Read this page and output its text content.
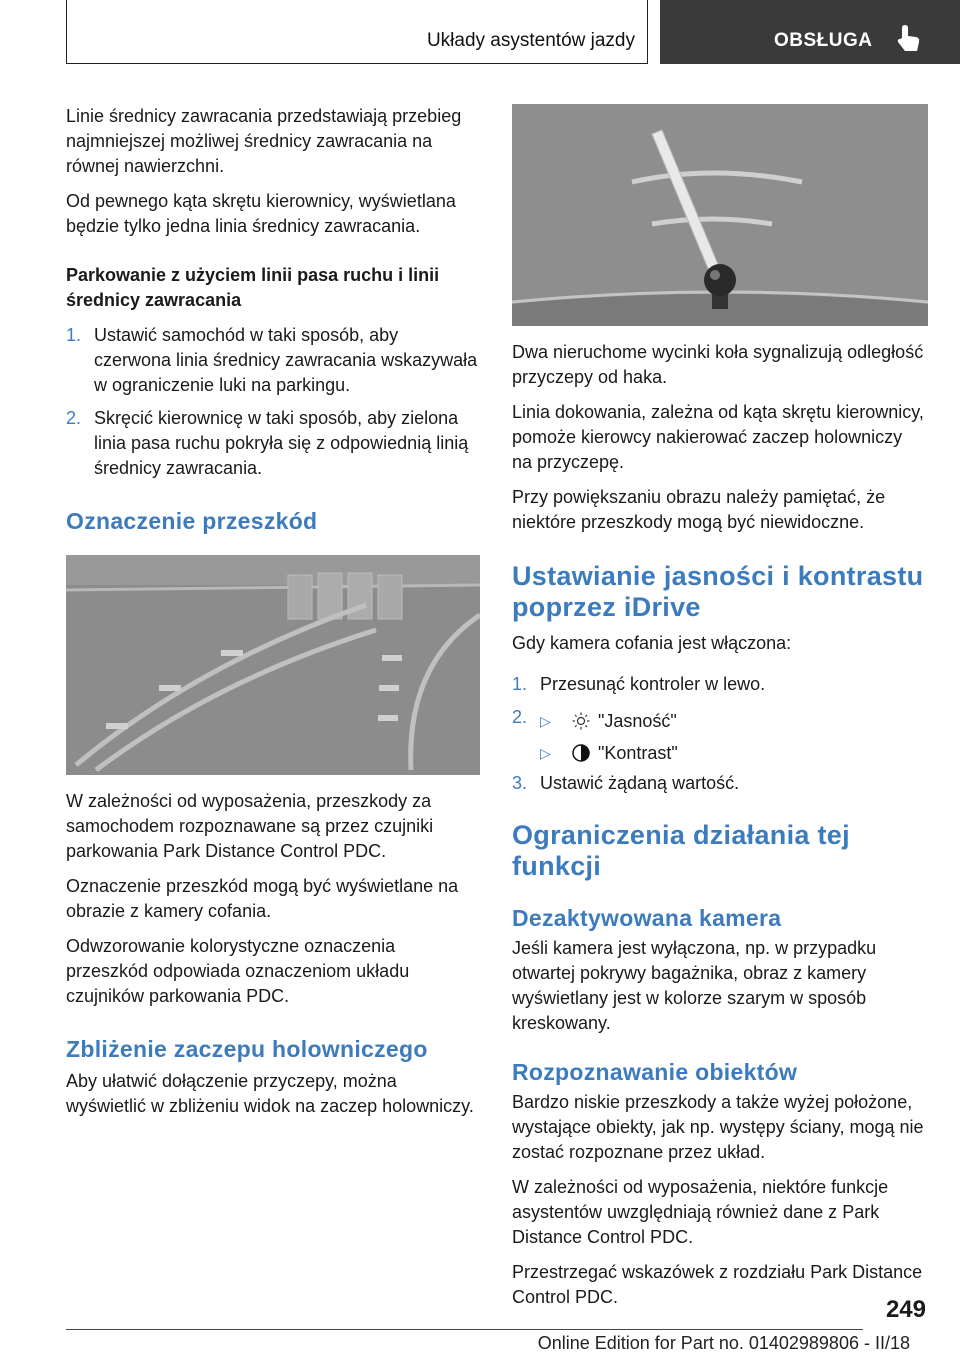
Układy asystentów jazdy	OBSŁUGA

Linie średnicy zawracania przedstawiają przebieg najmniejszej możliwej średnicy zawracania na równej nawierzchni.

Od pewnego kąta skrętu kierownicy, wyświetlana będzie tylko jedna linia średnicy zawracania.

Parkowanie z użyciem linii pasa ruchu i linii średnicy zawracania
1. Ustawić samochód w taki sposób, aby czerwona linia średnicy zawracania wskazywała w ograniczenie luki na parkingu.
2. Skręcić kierownicę w taki sposób, aby zielona linia pasa ruchu pokryła się z odpowiednią linią średnicy zawracania.
Oznaczenie przeszkód

W zależności od wyposażenia, przeszkody za samochodem rozpoznawane są przez czujniki parkowania Park Distance Control PDC.

Oznaczenie przeszkód mogą być wyświetlane na obrazie z kamery cofania.

Odwzorowanie kolorystyczne oznaczenia przeszkód odpowiada oznaczeniom układu czujników parkowania PDC.

Zbliżenie zaczepu holowniczego

Aby ułatwić dołączenie przyczepy, można wyświetlić w zbliżeniu widok na zaczep holowniczy.

Dwa nieruchome wycinki koła sygnalizują odległość przyczepy od haka.

Linia dokowania, zależna od kąta skrętu kierownicy, pomoże kierowcy nakierować zaczep holowniczy na przyczepę.

Przy powiększaniu obrazu należy pamiętać, że niektóre przeszkody mogą być niewidoczne.

Ustawianie jasności i kontrastu poprzez iDrive

Gdy kamera cofania jest włączona:

1. Przesunąć kontroler w lewo.
2. ▷	"Jasność"
▷	"Kontrast"
3. Ustawić żądaną wartość.
Ograniczenia działania tej funkcji
Dezaktywowana kamera

Jeśli kamera jest wyłączona, np. w przypadku otwartej pokrywy bagażnika, obraz z kamery wyświetlany jest w kolorze szarym w sposób kreskowany.

Rozpoznawanie obiektów

Bardzo niskie przeszkody a także wyżej położone, wystające obiekty, jak np. występy ściany, mogą nie zostać rozpoznane przez układ.

W zależności od wyposażenia, niektóre funkcje asystentów uwzględniają również dane z Park Distance Control PDC.

Przestrzegać wskazówek z rozdziału Park Distance Control PDC.	249
Online Edition for Part no. 01402989806 - II/18
